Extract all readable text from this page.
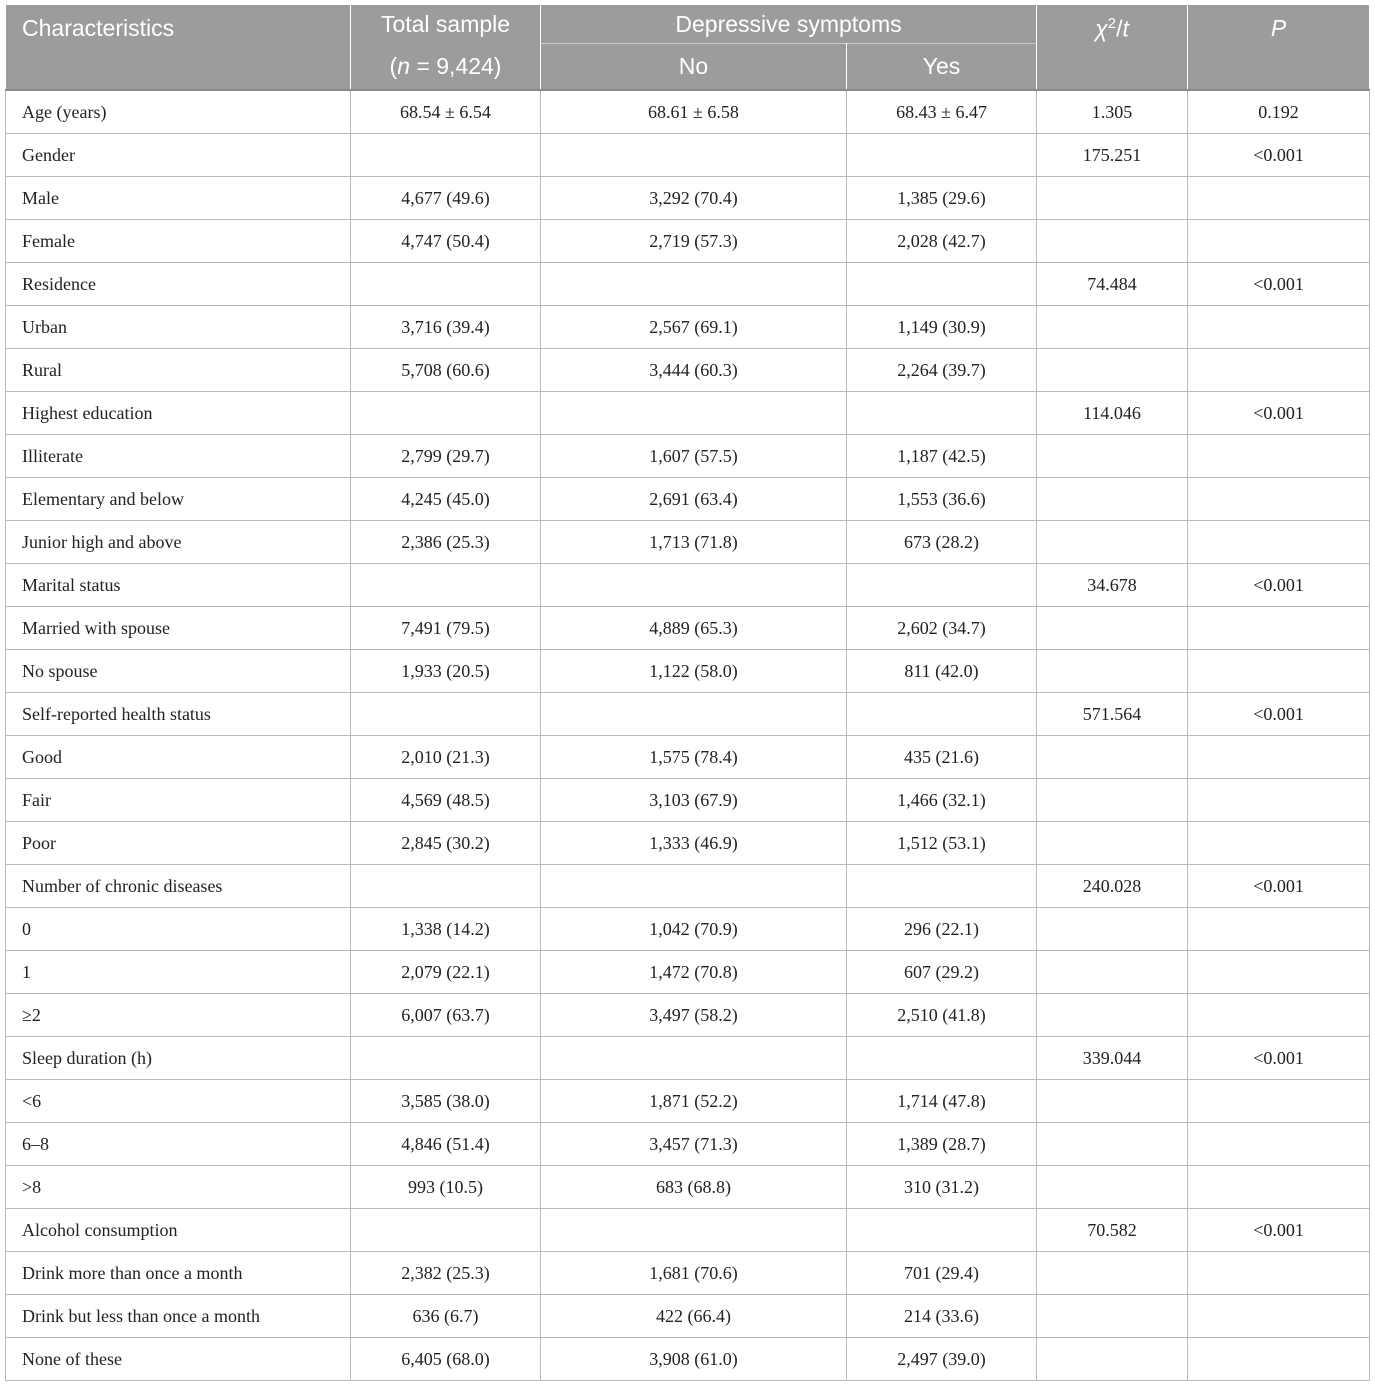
Characteristics	Total sample	Depressive symptoms		$\chi^2/t$	P
	(n = 9,424)	No	Yes		
Age (years)	68.54 ± 6.54	68.61 ± 6.58	68.43 ± 6.47	1.305	0.192
Gender				175.251	<0.001
Male	4,677 (49.6)	3,292 (70.4)	1,385 (29.6)		
Female	4,747 (50.4)	2,719 (57.3)	2,028 (42.7)		
Residence				74.484	<0.001
Urban	3,716 (39.4)	2,567 (69.1)	1,149 (30.9)		
Rural	5,708 (60.6)	3,444 (60.3)	2,264 (39.7)		
Highest education				114.046	<0.001
Illiterate	2,799 (29.7)	1,607 (57.5)	1,187 (42.5)		
Elementary and below	4,245 (45.0)	2,691 (63.4)	1,553 (36.6)		
Junior high and above	2,386 (25.3)	1,713 (71.8)	673 (28.2)		
Marital status				34.678	<0.001
Married with spouse	7,491 (79.5)	4,889 (65.3)	2,602 (34.7)		
No spouse	1,933 (20.5)	1,122 (58.0)	811 (42.0)		
Self-reported health status				571.564	<0.001
Good	2,010 (21.3)	1,575 (78.4)	435 (21.6)		
Fair	4,569 (48.5)	3,103 (67.9)	1,466 (32.1)		
Poor	2,845 (30.2)	1,333 (46.9)	1,512 (53.1)		
Number of chronic diseases				240.028	<0.001
0	1,338 (14.2)	1,042 (70.9)	296 (22.1)		
1	2,079 (22.1)	1,472 (70.8)	607 (29.2)		
≥2	6,007 (63.7)	3,497 (58.2)	2,510 (41.8)		
Sleep duration (h)				339.044	<0.001
<6	3,585 (38.0)	1,871 (52.2)	1,714 (47.8)		
6–8	4,846 (51.4)	3,457 (71.3)	1,389 (28.7)		
>8	993 (10.5)	683 (68.8)	310 (31.2)		
Alcohol consumption				70.582	<0.001
Drink more than once a month	2,382 (25.3)	1,681 (70.6)	701 (29.4)		
Drink but less than once a month	636 (6.7)	422 (66.4)	214 (33.6)		
None of these	6,405 (68.0)	3,908 (61.0)	2,497 (39.0)		
